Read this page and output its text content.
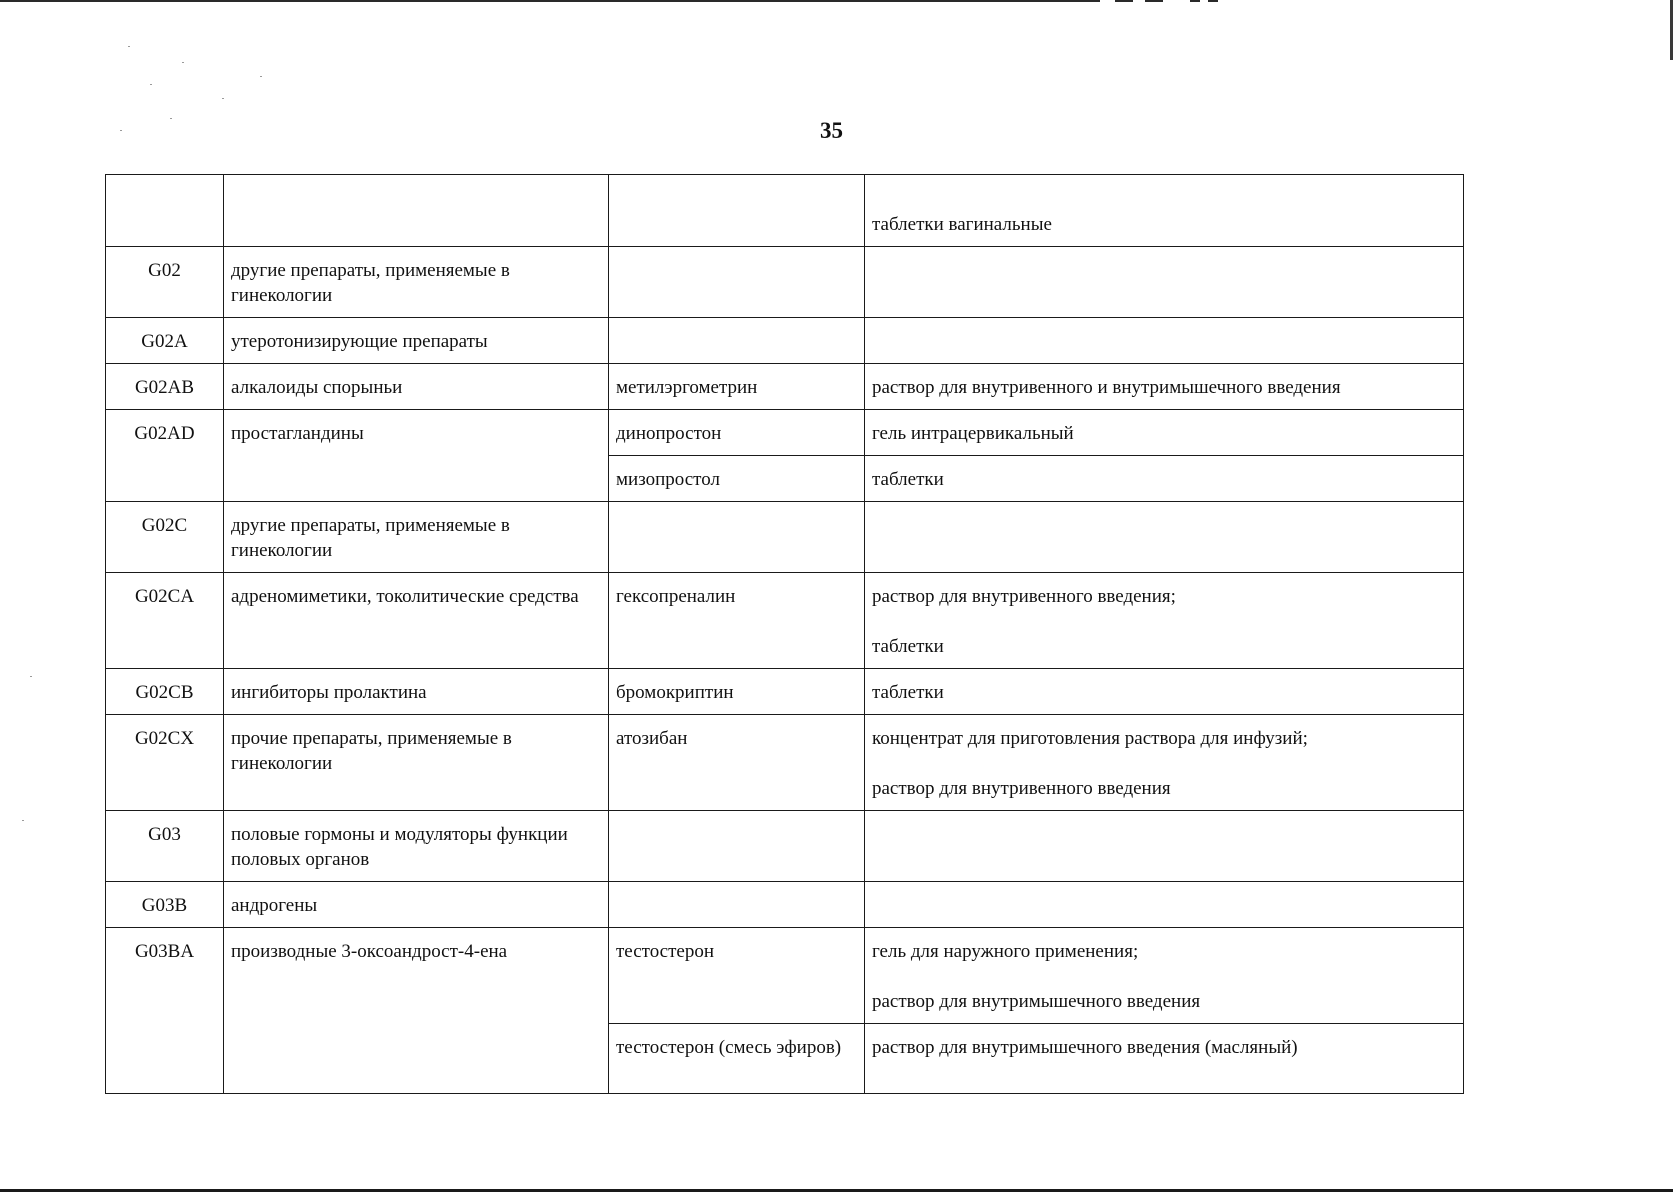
35

			таблетки вагинальные

G02	другие препараты, применяемые в гинекологии		
G02A	утеротонизирующие препараты		
G02AB	алкалоиды спорыньи	метилэргометрин	раствор для внутривенного и внутримышечного введения

G02AD	простагландины	динопростон	гель интрацервикальный

		мизопростол	таблетки

G02C	другие препараты, применяемые в гинекологии		
G02CA	адреномиметики, токолитические средства	гексопреналин	раствор для внутривенного введения;
таблетки

G02CB	ингибиторы пролактина	бромокриптин	таблетки

G02CX	прочие препараты, применяемые в гинекологии	атозибан	концентрат для приготовления раствора для инфузий;
раствор для внутривенного введения

G03	половые гормоны и модуляторы функции половых органов		
G03B	андрогены		
G03BA	производные 3-оксоандрост-4-ена	тестостерон	гель для наружного применения;
раствор для внутримышечного введения

		тестостерон (смесь эфиров)	раствор для внутримышечного введения (масляный)
